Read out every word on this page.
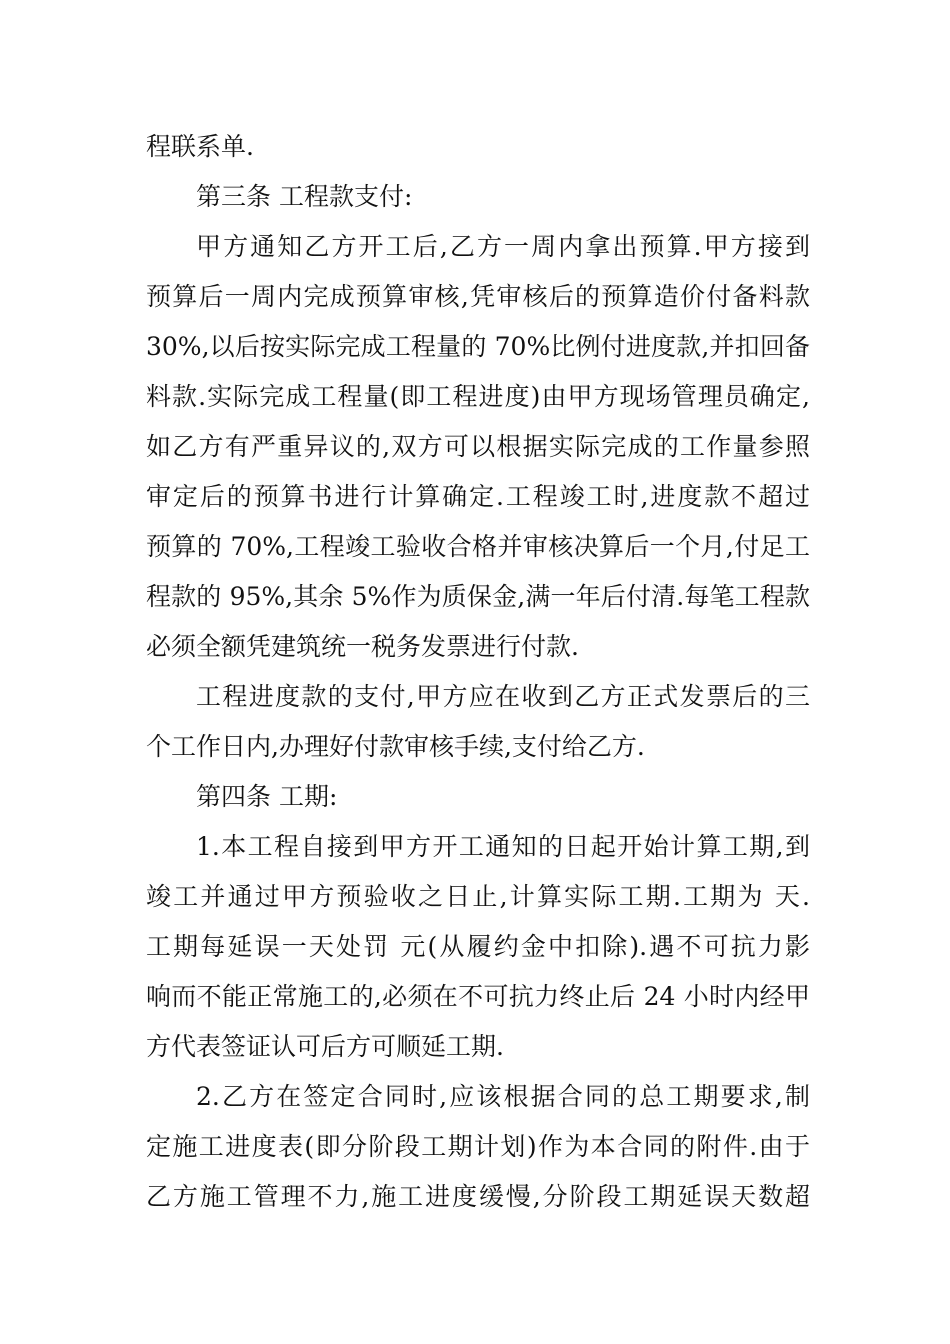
程联系单.
第三条 工程款支付:
甲方通知乙方开工后,乙方一周内拿出预算.甲方接到
预算后一周内完成预算审核,凭审核后的预算造价付备料款
30%,以后按实际完成工程量的 70%比例付进度款,并扣回备
料款.实际完成工程量(即工程进度)由甲方现场管理员确定,
如乙方有严重异议的,双方可以根据实际完成的工作量参照
审定后的预算书进行计算确定.工程竣工时,进度款不超过
预算的 70%,工程竣工验收合格并审核决算后一个月,付足工
程款的 95%,其余 5%作为质保金,满一年后付清.每笔工程款
必须全额凭建筑统一税务发票进行付款.
工程进度款的支付,甲方应在收到乙方正式发票后的三
个工作日内,办理好付款审核手续,支付给乙方.
第四条 工期:
1.本工程自接到甲方开工通知的日起开始计算工期,到
竣工并通过甲方预验收之日止,计算实际工期.工期为 天.
工期每延误一天处罚 元(从履约金中扣除).遇不可抗力影
响而不能正常施工的,必须在不可抗力终止后 24 小时内经甲
方代表签证认可后方可顺延工期.
2.乙方在签定合同时,应该根据合同的总工期要求,制
定施工进度表(即分阶段工期计划)作为本合同的附件.由于
乙方施工管理不力,施工进度缓慢,分阶段工期延误天数超
